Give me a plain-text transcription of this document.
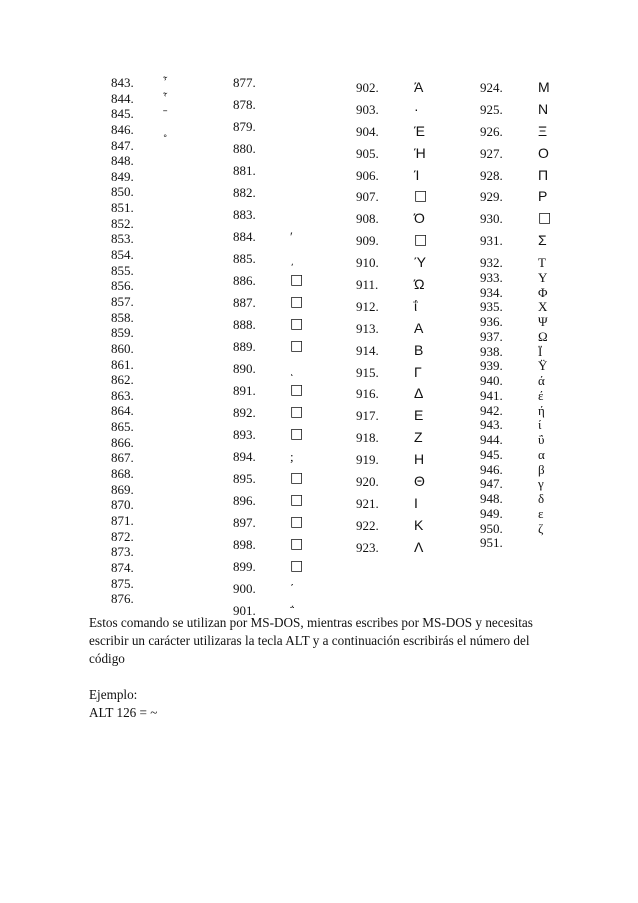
843. ῏
844. ῟
845. ˉ
846. ˳
847.
848.
849.
850.
851.
852.
853.
854.
855.
856.
857.
858.
859.
860.
861.
862.
863.
864.
865.
866.
867.
868.
869.
870.
871.
872.
873.
874.
875.
876.
877.
878.
879.
880.
881.
882.
883.
884.	ʹ
885.	͵
886. □
887. □
888. □
889. □
890.	ͺ
891. □
892. □
893. □
894.	;
895. □
896. □
897. □
898. □
899. □
900.	΄
901.	΅
902.	Ά
903.	·
904.	Έ
905.	Ή
906.	Ί
907.	□
908.	Ό
909.	□
910.	Ύ
911.	Ώ
912.	ΐ
913.	Α
914.	Β
915.	Γ
916.	Δ
917.	Ε
918.	Ζ
919.	Η
920.	Θ
921.	Ι
922.	Κ
923.	Λ
924.	Μ
925.	Ν
926.	Ξ
927.	Ο
928.	Π
929.	Ρ
930.	□
931.	Σ
932.	Τ
933.	Υ
934.	Φ
935.	Χ
936.	Ψ
937.	Ω
938.	Ϊ
939.	Ϋ
940.	ά
941.	έ
942.	ή
943.	ί
944.	ΰ
945.	α
946.	β
947.	γ
948.	δ
949.	ε
950.	ζ
951.

Estos comando se utilizan por MS-DOS, mientras escribes por MS-DOS y necesitas escribir un carácter utilizaras la tecla ALT y a continuación escribirás el número del código

Ejemplo:

ALT 126 = ~
